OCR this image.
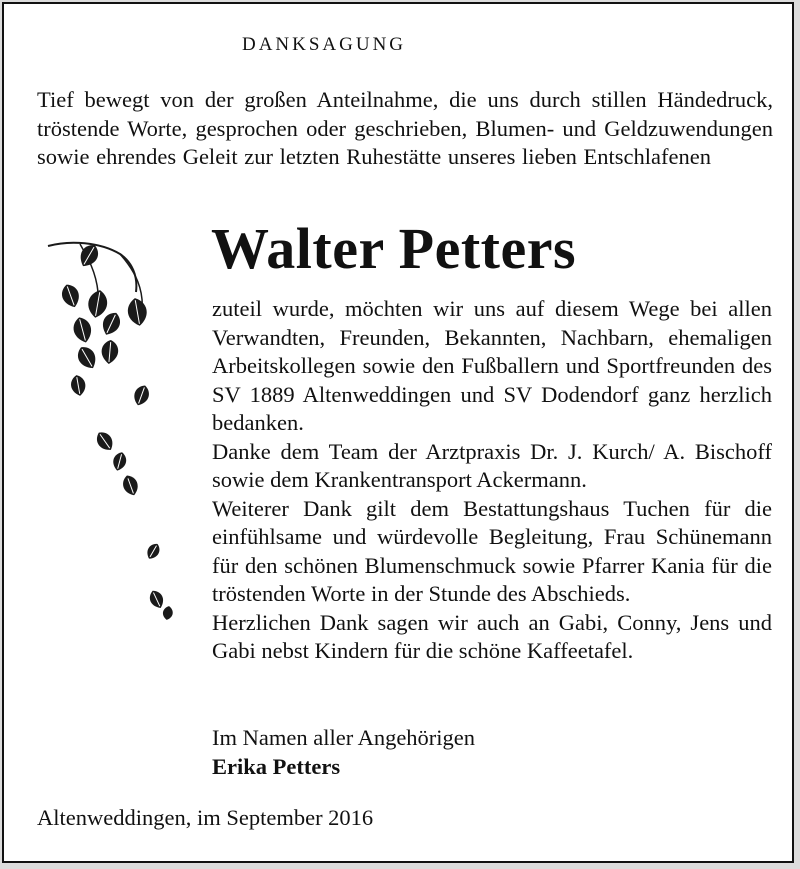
DANKSAGUNG
Tief bewegt von der großen Anteilnahme, die uns durch stillen Händedruck, tröstende Worte, gesprochen oder geschrieben, Blumen- und Geldzuwendungen sowie ehrendes Geleit zur letzten Ruhestätte unseres lieben Entschlafenen
Walter Petters

zuteil wurde, möchten wir uns auf diesem Wege bei allen Verwandten, Freunden, Bekannten, Nachbarn, ehemaligen Arbeitskollegen sowie den Fußballern und Sportfreunden des SV 1889 Altenweddingen und SV Dodendorf ganz herzlich bedanken.

Danke dem Team der Arztpraxis Dr. J. Kurch/ A. Bischoff sowie dem Krankentransport Ackermann.

Weiterer Dank gilt dem Bestattungshaus Tuchen für die einfühlsame und würdevolle Begleitung, Frau Schünemann für den schönen Blumenschmuck sowie Pfarrer Kania für die tröstenden Worte in der Stunde des Abschieds.

Herzlichen Dank sagen wir auch an Gabi, Conny, Jens und Gabi nebst Kindern für die schöne Kaffeetafel.

Im Namen aller Angehörigen
Erika Petters
Altenweddingen, im September 2016
